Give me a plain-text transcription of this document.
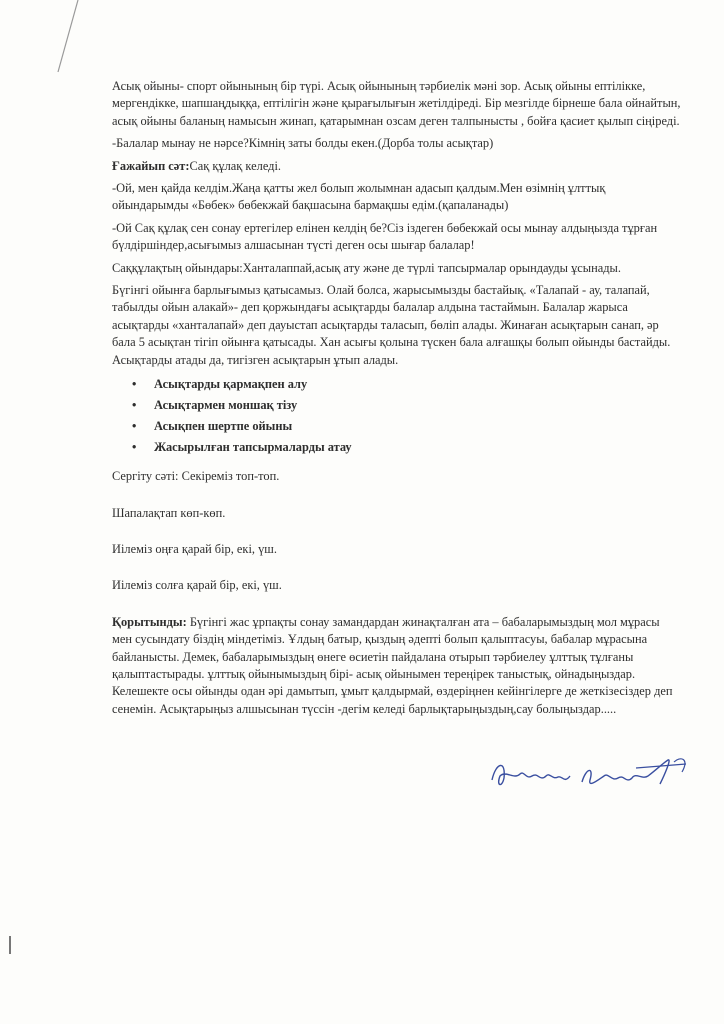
Асық ойыны- спорт ойынының бір түрі. Асық ойынының тәрбиелік мәні зор. Асық ойыны ептілікке, мергендікке, шапшаңдыққа, ептілігін және қырағылығын жетілдіреді. Бір мезгілде бірнеше бала ойнайтын, асық ойыны баланың намысын жинап, қатарымнан озсам деген талпынысты , бойға қасиет қылып сіңіреді.

-Балалар мынау не нәрсе?Кімнің заты болды екен.(Дорба толы асықтар)

Ғажайып сәт:Сақ құлақ келеді.

-Ой, мен қайда келдім.Жаңа қатты жел болып жолымнан адасып қалдым.Мен өзімнің ұлттық ойындарымды «Бөбек» бөбекжай бақшасына бармақшы едім.(қапаланады)

-Ой Сақ құлақ сен сонау ертегілер елінен келдің бе?Сіз іздеген бөбекжай осы мынау алдыңызда тұрған бүлдіршіндер,асығымыз алшасынан түсті деген осы шығар балалар!

Саққұлақтың ойындары:Ханталаппай,асық ату және де түрлі тапсырмалар орындауды ұсынады.

Бүгінгі ойынға барлығымыз қатысамыз. Олай болса, жарысымызды бастайық. «Талапай - ау, талапай, табылды ойын алакай»- деп қоржындағы асықтарды балалар алдына тастаймын. Балалар жарыса асықтарды «ханталапай» деп дауыстап асықтарды таласып, бөліп алады. Жинаған асықтарын санап, әр бала 5 асықтан тігіп ойынға қатысады. Хан асығы қолына түскен бала алғашқы болып ойынды бастайды. Асықтарды атады да, тигізген асықтарын ұтып алады.

• Асықтарды қармақпен алу
• Асықтармен моншақ тізу
• Асықпен шертпе ойыны
• Жасырылған тапсырмаларды атау

Сергіту сәті: Секіреміз топ-топ.

Шапалақтап көп-көп.

Иілеміз оңға қарай бір, екі, үш.

Иілеміз солға қарай бір, екі, үш.

Қорытынды: Бүгінгі жас ұрпақты сонау замандардан жинақталған ата – бабаларымыздың мол мұрасы мен сусындату біздің міндетіміз. Ұлдың батыр, қыздың әдепті болып қалыптасуы, бабалар мұрасына байланысты. Демек, бабаларымыздың өнеге өсиетін пайдалана отырып тәрбиелеу ұлттық тұлғаны қалыптастырады. ұлттық ойынымыздың бірі- асық ойынымен тереңірек таныстық, ойнадыңыздар. Келешекте осы ойынды одан әрі дамытып, ұмыт қалдырмай, өздеріңнен кейінгілерге де жеткізесіздер деп сенемін. Асықтарыңыз алшысынан түссін -дегім келеді барлықтарыңыздың,сау болыңыздар.....
